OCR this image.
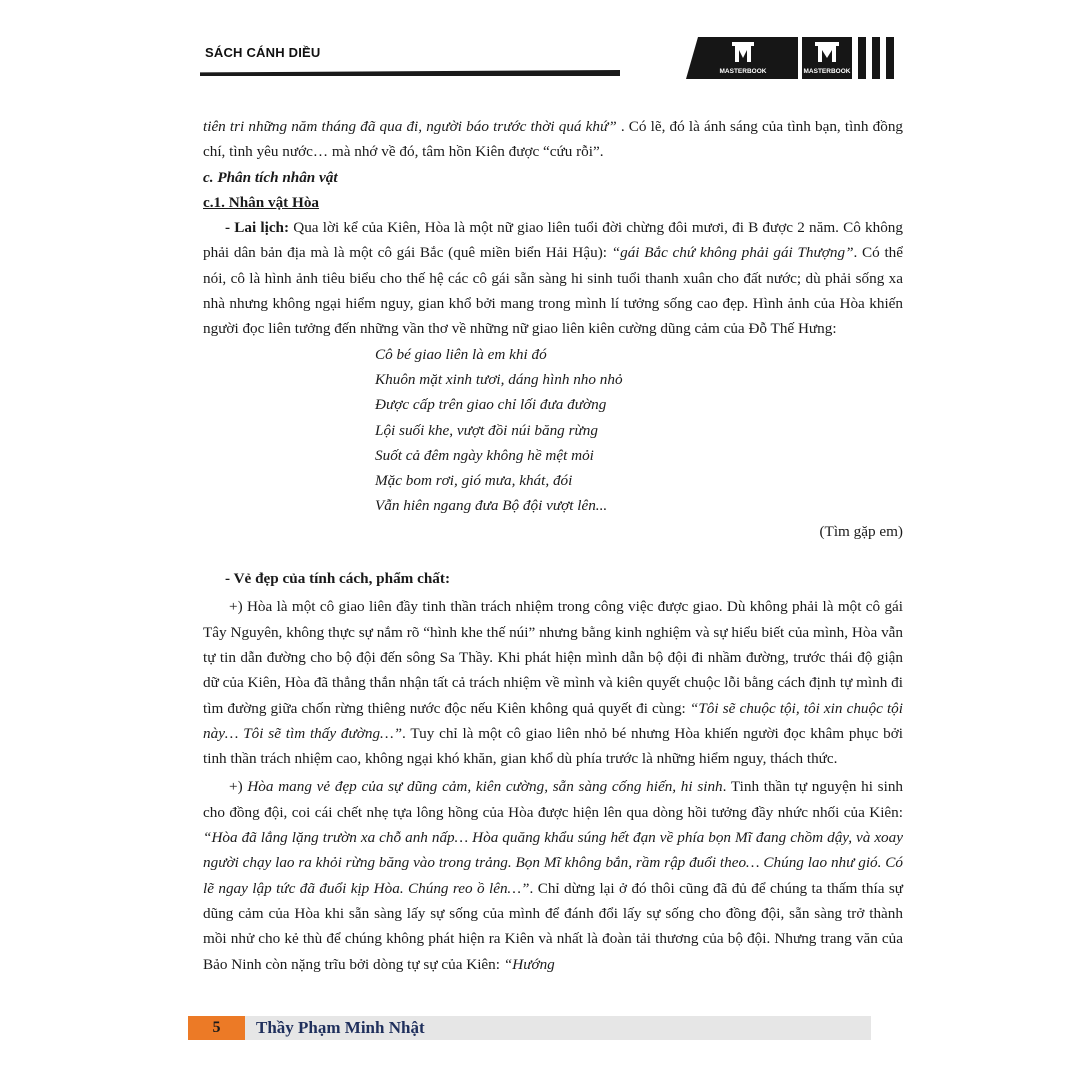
SÁCH CÁNH DIỀU
MASTERBOOK	MASTERBOOK

tiên tri những năm tháng đã qua đi, người báo trước thời quá khứ” . Có lẽ, đó là ánh sáng của tình bạn, tình đồng chí, tình yêu nước… mà nhớ về đó, tâm hồn Kiên được “cứu rỗi”.

c. Phân tích nhân vật

c.1. Nhân vật Hòa

- Lai lịch: Qua lời kể của Kiên, Hòa là một nữ giao liên tuổi đời chừng đôi mươi, đi B được 2 năm. Cô không phải dân bản địa mà là một cô gái Bắc (quê miền biển Hải Hậu): “gái Bắc chứ không phải gái Thượng”. Có thể nói, cô là hình ảnh tiêu biểu cho thế hệ các cô gái sẵn sàng hi sinh tuổi thanh xuân cho đất nước; dù phải sống xa nhà nhưng không ngại hiểm nguy, gian khổ bởi mang trong mình lí tưởng sống cao đẹp. Hình ảnh của Hòa khiến người đọc liên tưởng đến những vần thơ về những nữ giao liên kiên cường dũng cảm của Đỗ Thế Hưng:

Cô bé giao liên là em khi đó

Khuôn mặt xinh tươi, dáng hình nho nhỏ

Được cấp trên giao chỉ lối đưa đường

Lội suối khe, vượt đồi núi băng rừng

Suốt cả đêm ngày không hề mệt mỏi

Mặc bom rơi, gió mưa, khát, đói

Vẫn hiên ngang đưa Bộ đội vượt lên...

(Tìm gặp em)

- Vẻ đẹp của tính cách, phẩm chất:

+) Hòa là một cô giao liên đầy tinh thần trách nhiệm trong công việc được giao. Dù không phải là một cô gái Tây Nguyên, không thực sự nắm rõ “hình khe thế núi” nhưng bằng kinh nghiệm và sự hiểu biết của mình, Hòa vẫn tự tin dẫn đường cho bộ đội đến sông Sa Thầy. Khi phát hiện mình dẫn bộ đội đi nhầm đường, trước thái độ giận dữ của Kiên, Hòa đã thẳng thắn nhận tất cả trách nhiệm về mình và kiên quyết chuộc lỗi bằng cách định tự mình đi tìm đường giữa chốn rừng thiêng nước độc nếu Kiên không quả quyết đi cùng: “Tôi sẽ chuộc tội, tôi xin chuộc tội này… Tôi sẽ tìm thấy đường…”. Tuy chỉ là một cô giao liên nhỏ bé nhưng Hòa khiến người đọc khâm phục bởi tinh thần trách nhiệm cao, không ngại khó khăn, gian khổ dù phía trước là những hiểm nguy, thách thức.

+) Hòa mang vẻ đẹp của sự dũng cảm, kiên cường, sẵn sàng cống hiến, hi sinh. Tinh thần tự nguyện hi sinh cho đồng đội, coi cái chết nhẹ tựa lông hồng của Hòa được hiện lên qua dòng hồi tưởng đầy nhức nhối của Kiên: “Hòa đã lẳng lặng trườn xa chỗ anh nấp… Hòa quăng khẩu súng hết đạn về phía bọn Mĩ đang chồm dậy, và xoay người chạy lao ra khỏi rừng băng vào trong trảng. Bọn Mĩ không bắn, rầm rập đuổi theo… Chúng lao như gió. Có lẽ ngay lập tức đã đuổi kịp Hòa. Chúng reo ồ lên…”. Chỉ dừng lại ở đó thôi cũng đã đủ để chúng ta thấm thía sự dũng cảm của Hòa khi sẵn sàng lấy sự sống của mình để đánh đổi lấy sự sống cho đồng đội, sẵn sàng trở thành mồi nhử cho kẻ thù để chúng không phát hiện ra Kiên và nhất là đoàn tải thương của bộ đội. Nhưng trang văn của Bảo Ninh còn nặng trĩu bởi dòng tự sự của Kiên: “Hướng

5	Thầy Phạm Minh Nhật
